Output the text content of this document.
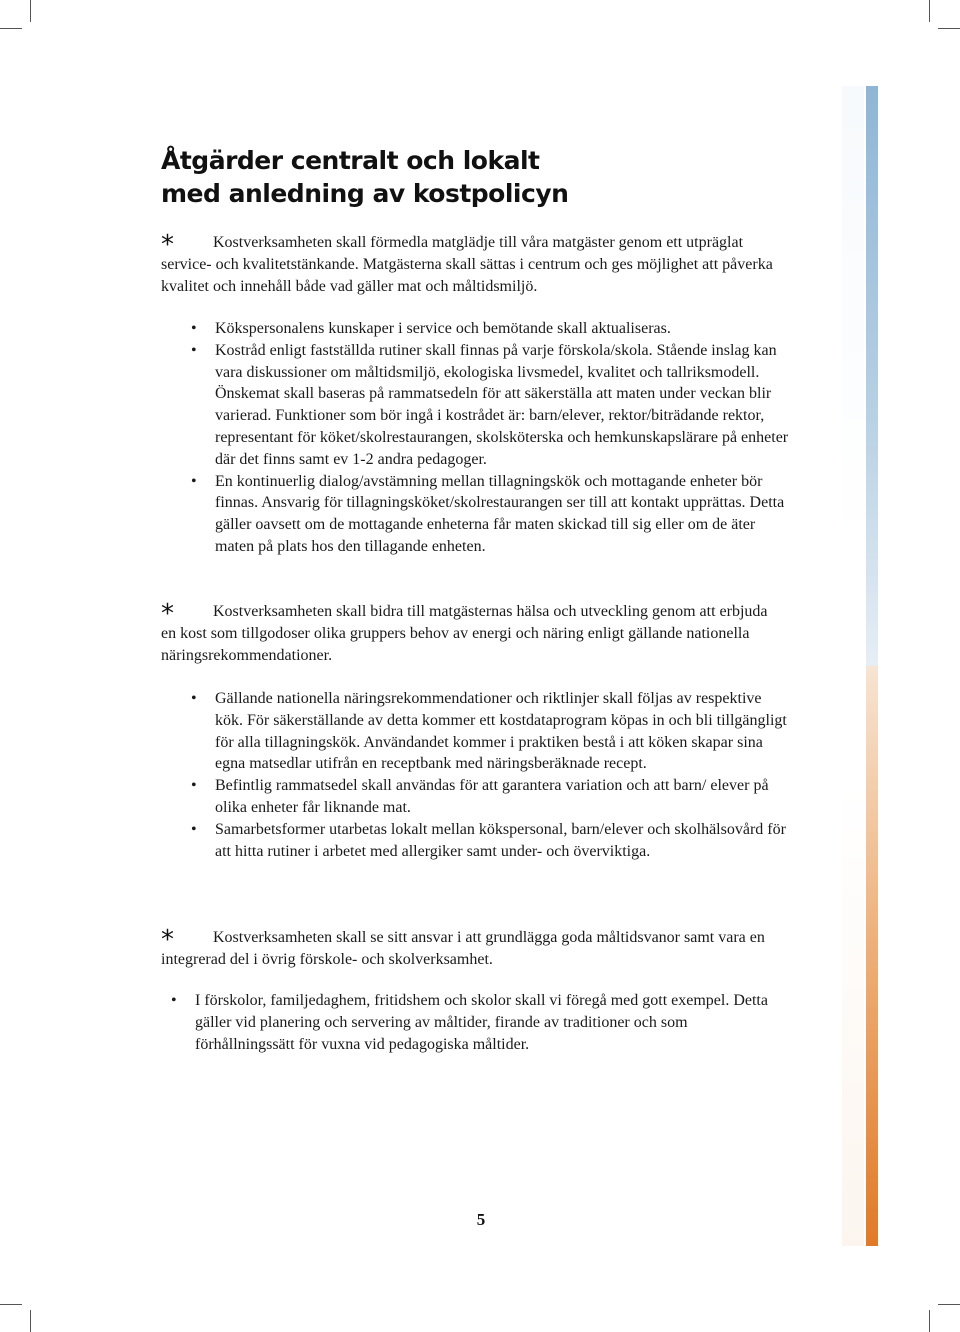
Åtgärder centralt och lokalt
med anledning av kostpolicyn

* Kostverksamheten skall förmedla matglädje till våra matgäster genom ett utpräglat service- och kvalitetstänkande. Matgästerna skall sättas i centrum och ges möjlighet att påverka kvalitet och innehåll både vad gäller mat och måltidsmiljö.

• Kökspersonalens kunskaper i service och bemötande skall aktualiseras.
• Kostråd enligt fastställda rutiner skall finnas på varje förskola/skola. Stående inslag kan vara diskussioner om måltidsmiljö, ekologiska livsmedel, kvalitet och tallriksmodell. Önskemat skall baseras på rammatsedeln för att säkerställa att maten under veckan blir varierad. Funktioner som bör ingå i kostrådet är: barn/elever, rektor/biträdande rektor, representant för köket/skolrestaurangen, skolsköterska och hemkunskapslärare på enheter där det finns samt ev 1-2 andra pedagoger.
• En kontinuerlig dialog/avstämning mellan tillagningskök och mottagande enheter bör finnas. Ansvarig för tillagningsköket/skolrestaurangen ser till att kontakt upprättas. Detta gäller oavsett om de mottagande enheterna får maten skickad till sig eller om de äter maten på plats hos den tillagande enheten.

* Kostverksamheten skall bidra till matgästernas hälsa och utveckling genom att erbjuda en kost som tillgodoser olika gruppers behov av energi och näring enligt gällande nationella näringsrekommendationer.

• Gällande nationella näringsrekommendationer och riktlinjer skall följas av respektive kök. För säkerställande av detta kommer ett kostdataprogram köpas in och bli tillgängligt för alla tillagningskök. Användandet kommer i praktiken bestå i att köken skapar sina egna matsedlar utifrån en receptbank med näringsberäknade recept.
• Befintlig rammatsedel skall användas för att garantera variation och att barn/ elever på olika enheter får liknande mat.
• Samarbetsformer utarbetas lokalt mellan kökspersonal, barn/elever och skolhälsovård för att hitta rutiner i arbetet med allergiker samt under- och överviktiga.

* Kostverksamheten skall se sitt ansvar i att grundlägga goda måltidsvanor samt vara en integrerad del i övrig förskole- och skolverksamhet.

• I förskolor, familjedaghem, fritidshem och skolor skall vi föregå med gott exempel. Detta gäller vid planering och servering av måltider, firande av traditioner och som förhållningssätt för vuxna vid pedagogiska måltider.
5
